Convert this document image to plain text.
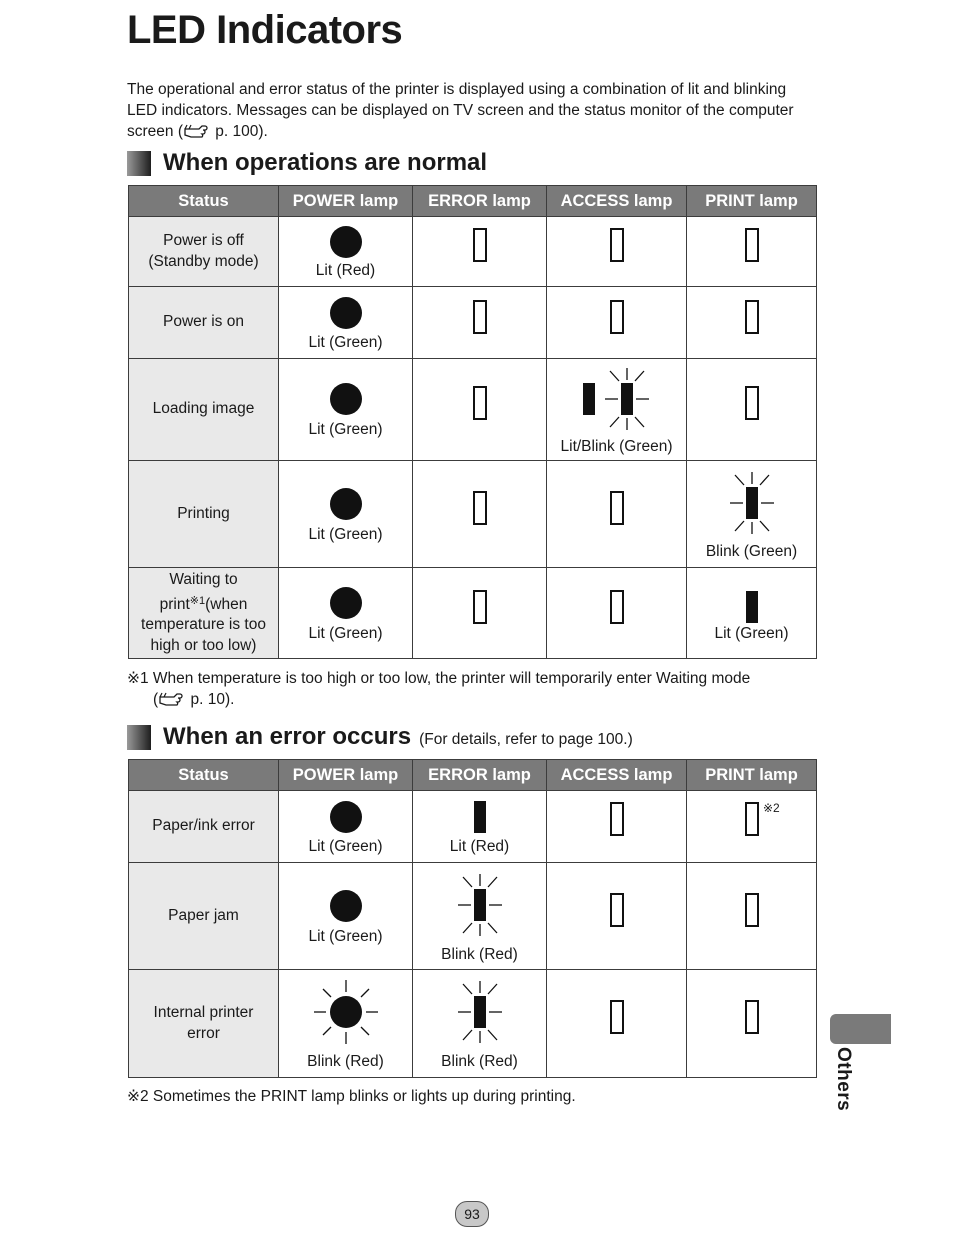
LED Indicators

The operational and error status of the printer is displayed using a combination of lit and blinking LED indicators. Messages can be displayed on TV screen and the status monitor of the computer screen ( p. 100).

When operations are normal
Status	POWER lamp	ERROR lamp	ACCESS lamp	PRINT lamp
Power is off
(Standby mode)	Lit (Red)

Power is on	Lit (Green)

Loading image	Lit (Green)		Lit/Blink (Green)

Printing	Lit (Green)			Blink (Green)

Waiting to print$^{※1}$(when temperature is too high or too low)	Lit (Green)			Lit (Green)

※1 When temperature is too high or too low, the printer will temporarily enter Waiting mode
( p. 10).

When an error occurs (For details, refer to page 100.)
Status	POWER lamp	ERROR lamp	ACCESS lamp	PRINT lamp
Paper/ink error	Lit (Green)	Lit (Red)		※2

Paper jam	Lit (Green)	Blink (Red)

Internal printer
error	Blink (Red)	Blink (Red)

※2 Sometimes the PRINT lamp blinks or lights up during printing.	Others
93
